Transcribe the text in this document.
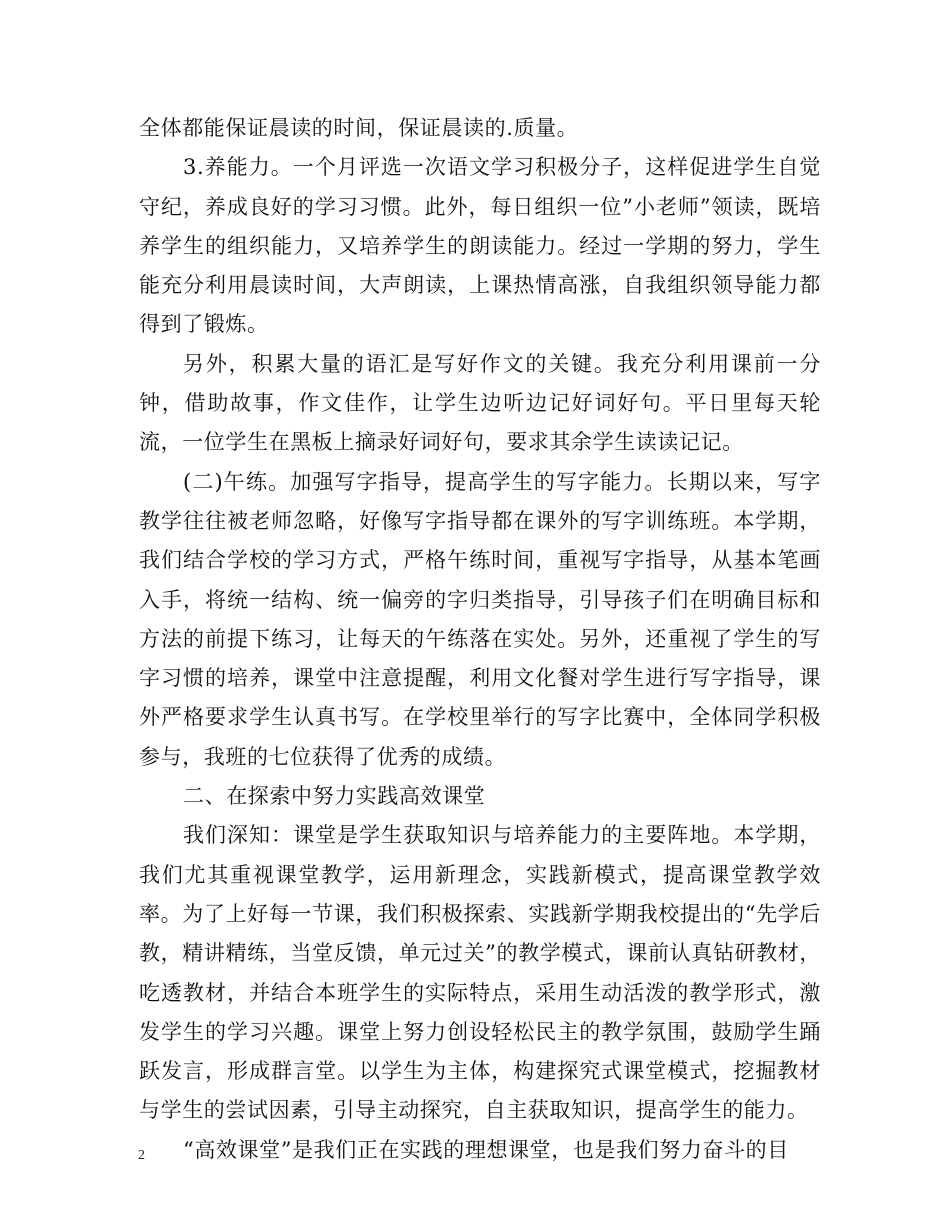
全体都能保证晨读的时间，保证晨读的.质量。

3.养能力。一个月评选一次语文学习积极分子，这样促进学生自觉守纪，养成良好的学习习惯。此外，每日组织一位”小老师”领读，既培养学生的组织能力，又培养学生的朗读能力。经过一学期的努力，学生能充分利用晨读时间，大声朗读，上课热情高涨，自我组织领导能力都得到了锻炼。

另外，积累大量的语汇是写好作文的关键。我充分利用课前一分钟，借助故事，作文佳作，让学生边听边记好词好句。平日里每天轮流，一位学生在黑板上摘录好词好句，要求其余学生读读记记。

(二)午练。加强写字指导，提高学生的写字能力。长期以来，写字教学往往被老师忽略，好像写字指导都在课外的写字训练班。本学期，我们结合学校的学习方式，严格午练时间，重视写字指导，从基本笔画入手，将统一结构、统一偏旁的字归类指导，引导孩子们在明确目标和方法的前提下练习，让每天的午练落在实处。另外，还重视了学生的写字习惯的培养，课堂中注意提醒，利用文化餐对学生进行写字指导，课外严格要求学生认真书写。在学校里举行的写字比赛中，全体同学积极参与，我班的七位获得了优秀的成绩。

二、在探索中努力实践高效课堂

我们深知：课堂是学生获取知识与培养能力的主要阵地。本学期，我们尤其重视课堂教学，运用新理念，实践新模式，提高课堂教学效率。为了上好每一节课，我们积极探索、实践新学期我校提出的“先学后教，精讲精练，当堂反馈，单元过关”的教学模式，课前认真钻研教材，吃透教材，并结合本班学生的实际特点，采用生动活泼的教学形式，激发学生的学习兴趣。课堂上努力创设轻松民主的教学氛围，鼓励学生踊跃发言，形成群言堂。以学生为主体，构建探究式课堂模式，挖掘教材与学生的尝试因素，引导主动探究，自主获取知识，提高学生的能力。

“高效课堂”是我们正在实践的理想课堂，也是我们努力奋斗的目

2
